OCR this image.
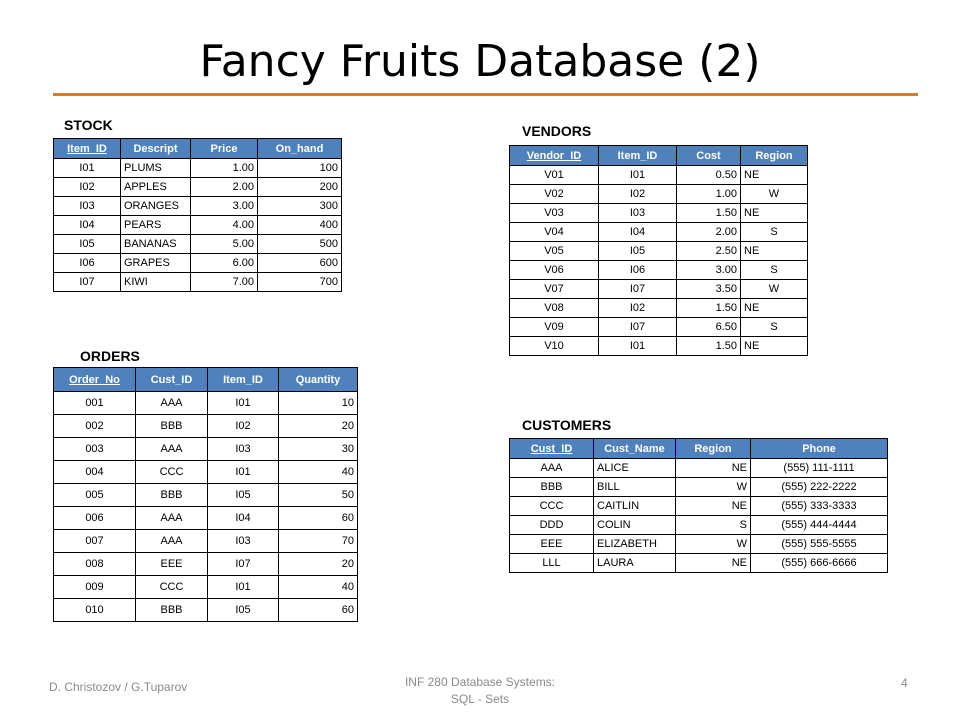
Fancy Fruits Database (2)
STOCK
Item_ID	Descript	Price	On_hand
I01	PLUMS	1.00	100
I02	APPLES	2.00	200
I03	ORANGES	3.00	300
I04	PEARS	4.00	400
I05	BANANAS	5.00	500
I06	GRAPES	6.00	600
I07	KIWI	7.00	700
VENDORS
Vendor_ID	Item_ID	Cost	Region
V01	I01	0.50	NE
V02	I02	1.00	W
V03	I03	1.50	NE
V04	I04	2.00	S
V05	I05	2.50	NE
V06	I06	3.00	S
V07	I07	3.50	W
V08	I02	1.50	NE
V09	I07	6.50	S
V10	I01	1.50	NE
ORDERS
Order_No	Cust_ID	Item_ID	Quantity
001	AAA	I01	10
002	BBB	I02	20
003	AAA	I03	30
004	CCC	I01	40
005	BBB	I05	50
006	AAA	I04	60
007	AAA	I03	70
008	EEE	I07	20
009	CCC	I01	40
010	BBB	I05	60
CUSTOMERS
Cust_ID	Cust_Name	Region	Phone
AAA	ALICE	NE	(555) 111-1111
BBB	BILL	W	(555) 222-2222
CCC	CAITLIN	NE	(555) 333-3333
DDD	COLIN	S	(555) 444-4444
EEE	ELIZABETH	W	(555) 555-5555
LLL	LAURA	NE	(555) 666-6666
D. Christozov / G.Tuparov	INF 280 Database Systems:
SQL - Sets
4
